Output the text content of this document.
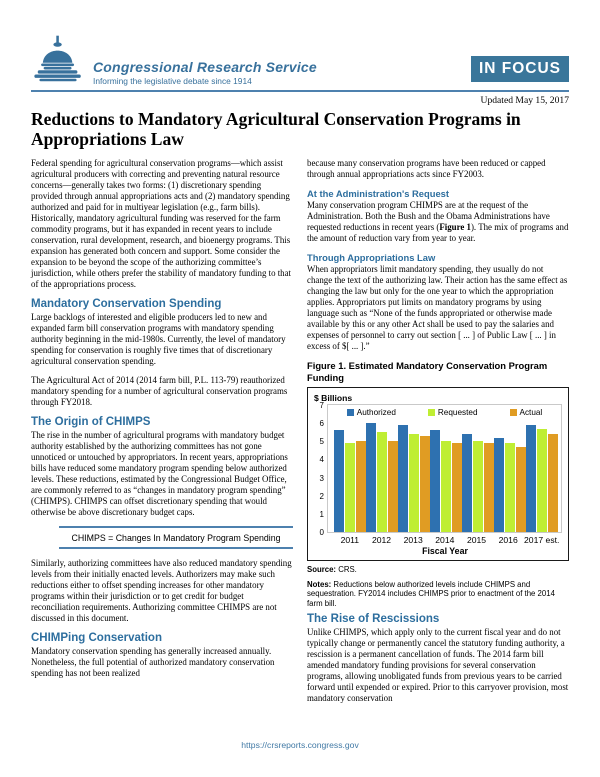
Congressional Research Service
Informing the legislative debate since 1914
IN FOCUS
Updated May 15, 2017
Reductions to Mandatory Agricultural Conservation Programs in Appropriations Law

Federal spending for agricultural conservation programs—which assist agricultural producers with correcting and preventing natural resource concerns—generally takes two forms: (1) discretionary spending provided through annual appropriations acts and (2) mandatory spending authorized and paid for in multiyear legislation (e.g., farm bills). Historically, mandatory agricultural funding was reserved for the farm commodity programs, but it has expanded in recent years to include conservation, rural development, research, and bioenergy programs. This expansion has generated both concern and support. Some consider the expansion to be beyond the scope of the authorizing committee’s jurisdiction, while others prefer the stability of mandatory funding to that of the appropriations process.

Mandatory Conservation Spending

Large backlogs of interested and eligible producers led to new and expanded farm bill conservation programs with mandatory spending authority beginning in the mid-1980s. Currently, the level of mandatory spending for conservation is roughly five times that of discretionary agricultural conservation spending.

The Agricultural Act of 2014 (2014 farm bill, P.L. 113-79) reauthorized mandatory spending for a number of agricultural conservation programs through FY2018.

The Origin of CHIMPS

The rise in the number of agricultural programs with mandatory budget authority established by the authorizing committees has not gone unnoticed or untouched by appropriators. In recent years, appropriations bills have reduced some mandatory program spending below authorized levels. These reductions, estimated by the Congressional Budget Office, are commonly referred to as “changes in mandatory program spending” (CHIMPS). CHIMPS can offset discretionary spending that would otherwise be above discretionary budget caps.

CHIMPS = Changes In Mandatory Program Spending

Similarly, authorizing committees have also reduced mandatory spending levels from their initially enacted levels. Authorizers may make such reductions either to offset spending increases for other mandatory programs within their jurisdiction or to get credit for budget reconciliation requirements. Authorizing committee CHIMPS are not discussed in this document.

CHIMPing Conservation

Mandatory conservation spending has generally increased annually. Nonetheless, the full potential of authorized mandatory conservation spending has not been realized

because many conservation programs have been reduced or capped through annual appropriations acts since FY2003.

At the Administration's Request

Many conservation program CHIMPS are at the request of the Administration. Both the Bush and the Obama Administrations have requested reductions in recent years (Figure 1). The mix of programs and the amount of reduction vary from year to year.

Through Appropriations Law

When appropriators limit mandatory spending, they usually do not change the text of the authorizing law. Their action has the same effect as changing the law but only for the one year to which the appropriation applies. Appropriators put limits on mandatory programs by using language such as “None of the funds appropriated or otherwise made available by this or any other Act shall be used to pay the salaries and expenses of personnel to carry out section [ ... ] of Public Law [ ... ] in excess of $[ ... ].”

Figure 1. Estimated Mandatory Conservation Program Funding
$ Billions
0
1
2
3
4
5
6
7
Authorized	Requested	Actual
2011	2012	2013	2014	2015	2016 2017 est.
Fiscal Year
Source: CRS.
Notes: Reductions below authorized levels include CHIMPS and sequestration. FY2014 includes CHIMPS prior to enactment of the 2014 farm bill.
The Rise of Rescissions

Unlike CHIMPS, which apply only to the current fiscal year and do not typically change or permanently cancel the statutory funding authority, a rescission is a permanent cancellation of funds. The 2014 farm bill amended mandatory funding provisions for several conservation programs, allowing unobligated funds from previous years to be carried forward until expended or expired. Prior to this carryover provision, most mandatory conservation

https://crsreports.congress.gov
